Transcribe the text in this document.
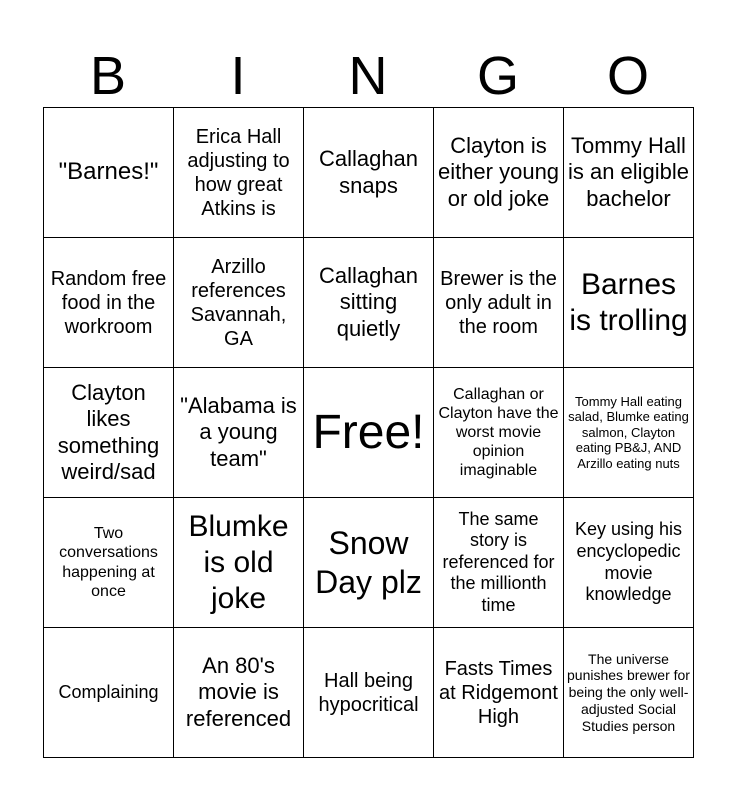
B	I	N	G	O
"Barnes!"	Erica Hall adjusting to how great Atkins is	Callaghan snaps	Clayton is either young or old joke	Tommy Hall is an eligible bachelor
Random free food in the workroom	Arzillo references Savannah, GA	Callaghan sitting quietly	Brewer is the only adult in the room	Barnes is trolling
Clayton likes something weird/sad	"Alabama is a young team"	Free!	Callaghan or Clayton have the worst movie opinion imaginable	Tommy Hall eating salad, Blumke eating salmon, Clayton eating PB&J, AND Arzillo eating nuts
Two conversations happening at once	Blumke is old joke	Snow Day plz	The same story is referenced for the millionth time	Key using his encyclopedic movie knowledge
Complaining	An 80's movie is referenced	Hall being hypocritical	Fasts Times at Ridgemont High	The universe punishes brewer for being the only well-adjusted Social Studies person
